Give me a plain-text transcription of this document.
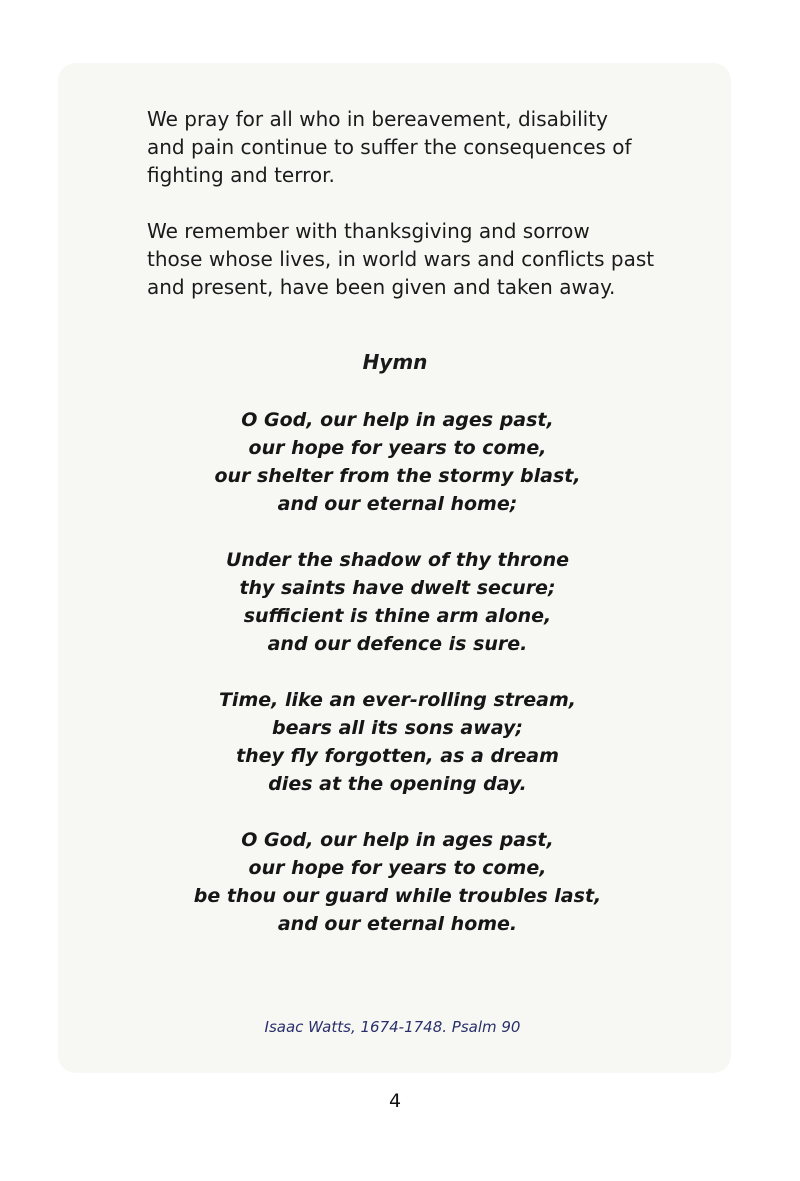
We pray for all who in bereavement, disability
and pain continue to suffer the consequences of
fighting and terror.

We remember with thanksgiving and sorrow
those whose lives, in world wars and conflicts past
and present, have been given and taken away.

Hymn

O God, our help in ages past,
our hope for years to come,
our shelter from the stormy blast,
and our eternal home;

Under the shadow of thy throne
thy saints have dwelt secure;
sufficient is thine arm alone,
and our defence is sure.

Time, like an ever-rolling stream,
bears all its sons away;
they fly forgotten, as a dream
dies at the opening day.

O God, our help in ages past,
our hope for years to come,
be thou our guard while troubles last,
and our eternal home.

Isaac Watts, 1674-1748. Psalm 90

4
